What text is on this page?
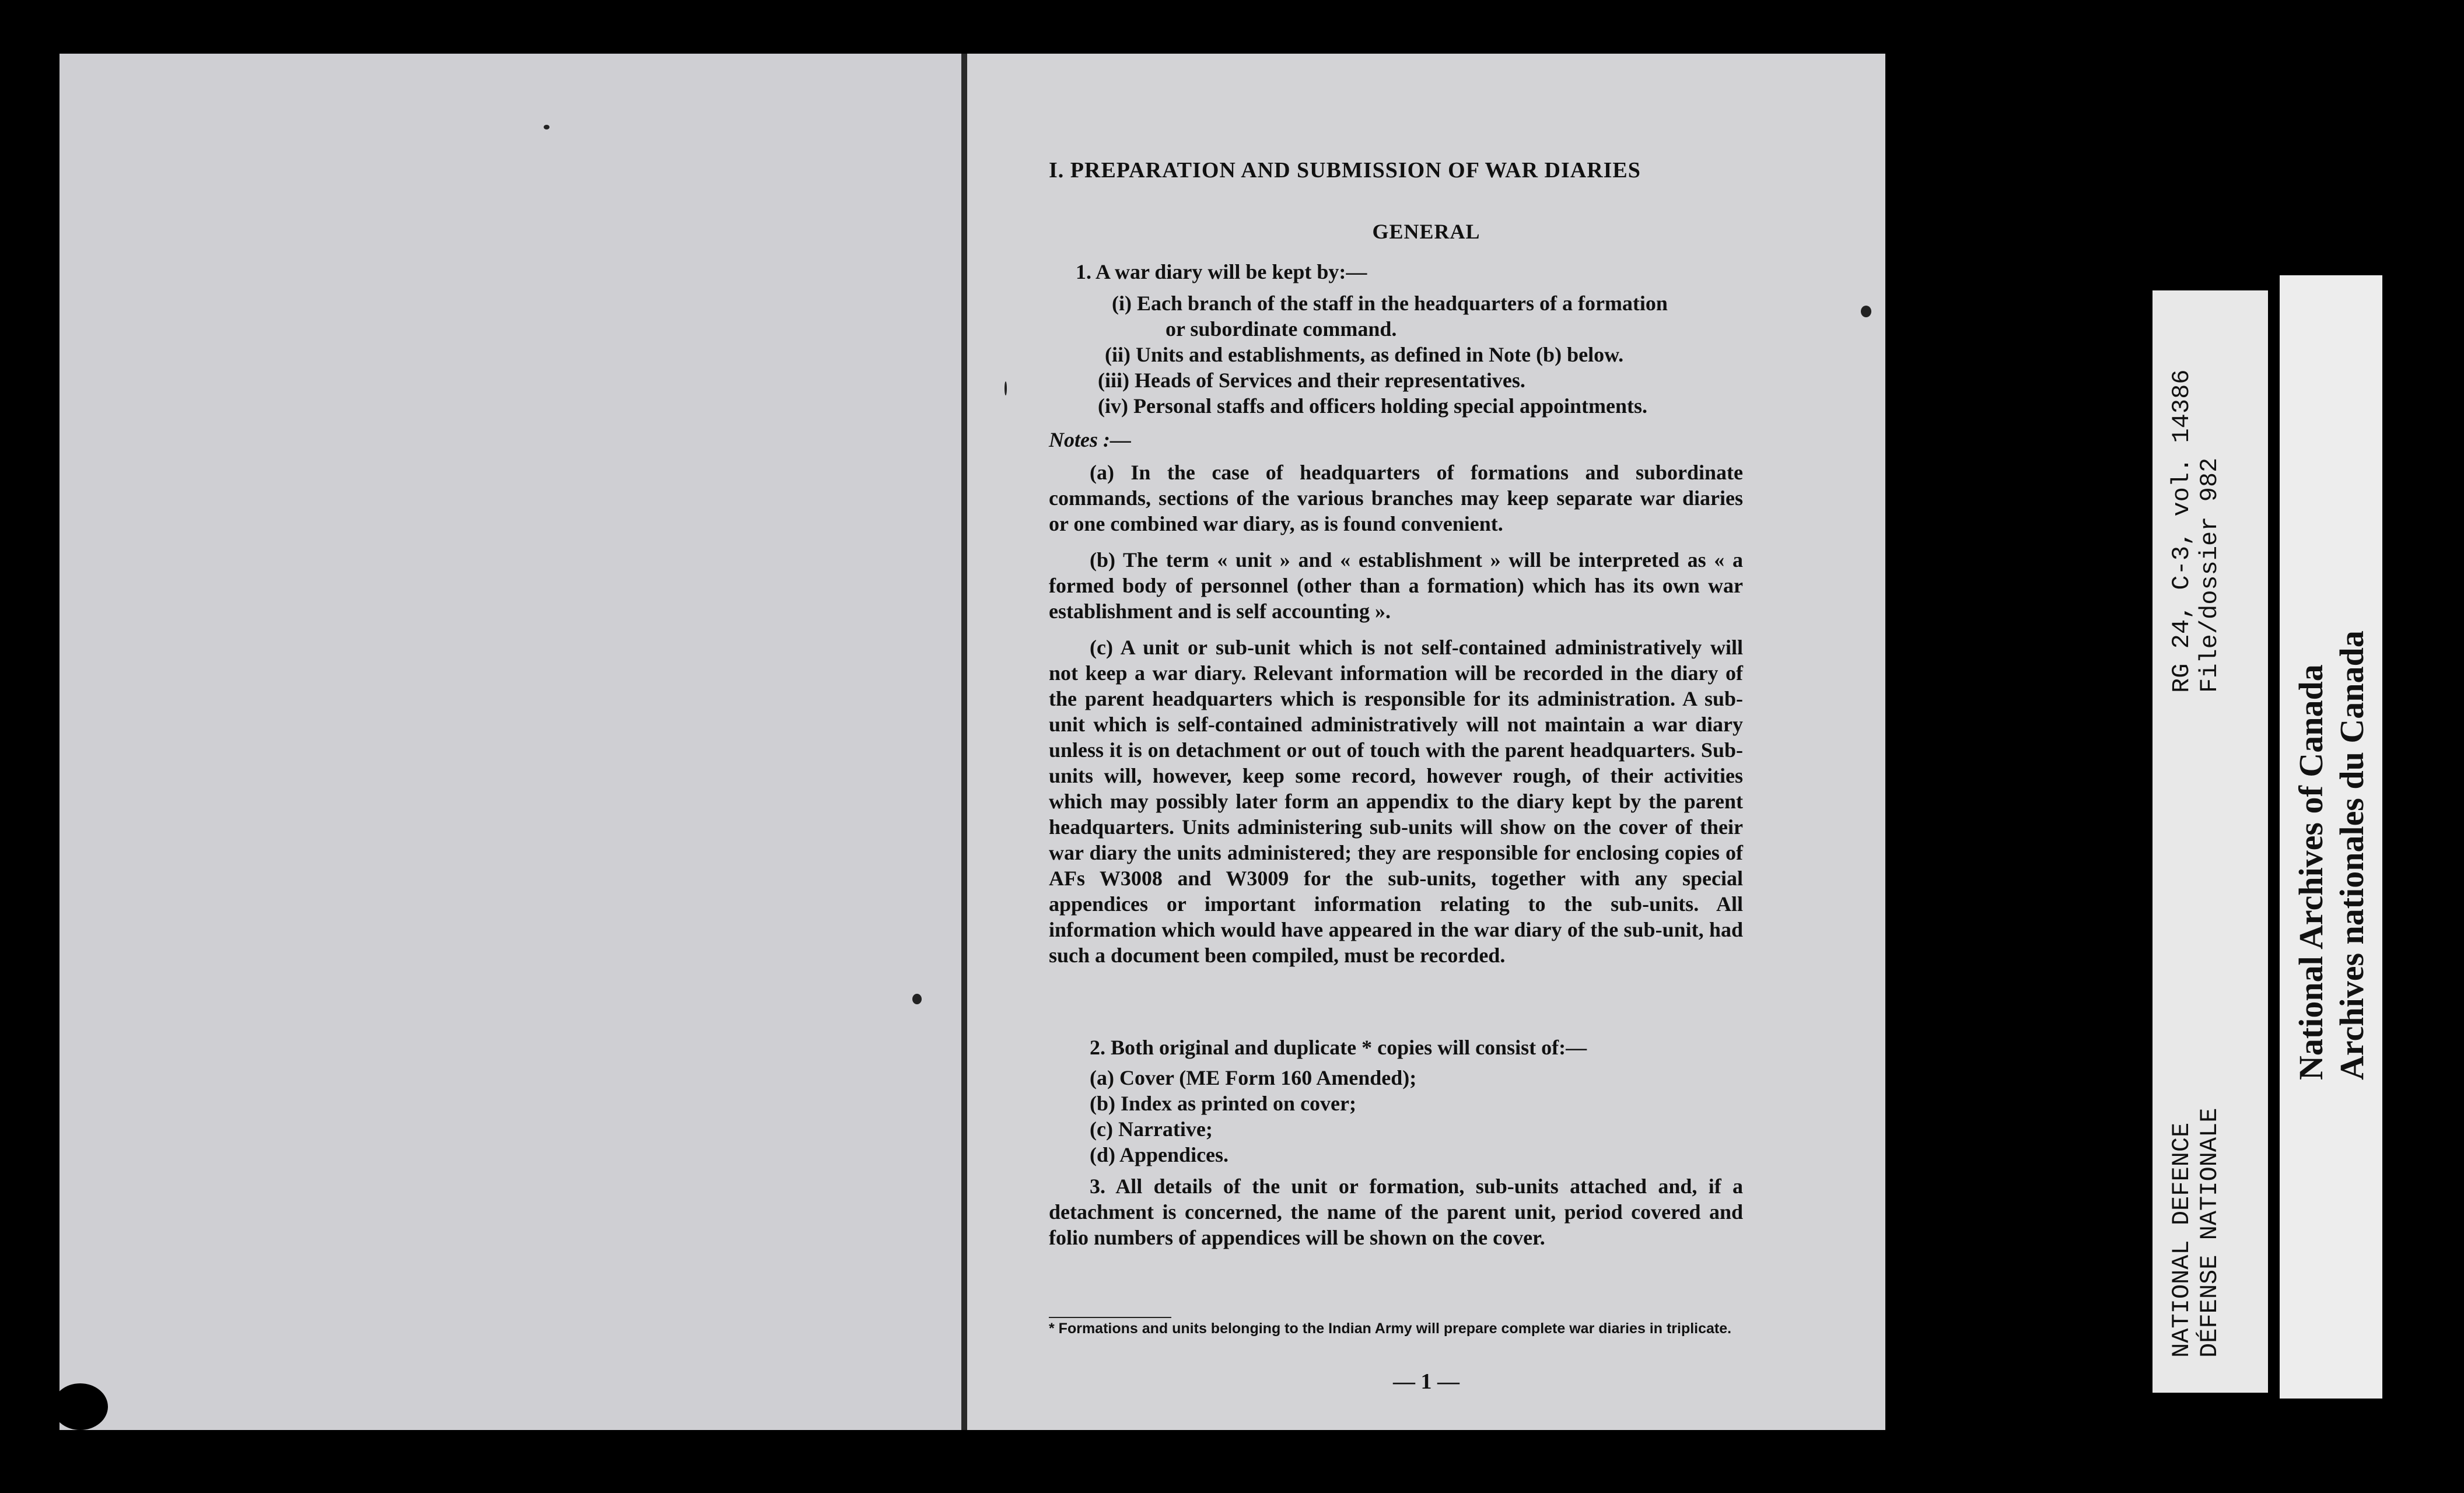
I. PREPARATION AND SUBMISSION OF WAR DIARIES
GENERAL
1. A war diary will be kept by:—
(i) Each branch of the staff in the headquarters of a formation
or subordinate command.
(ii) Units and establishments, as defined in Note (b) below.
(iii) Heads of Services and their representatives.
(iv) Personal staffs and officers holding special appointments.
Notes :—
(a) In the case of headquarters of formations and subordinate commands, sections of the various branches may keep separate war diaries or one combined war diary, as is found convenient.
(b) The term « unit » and « establishment » will be interpreted as « a formed body of personnel (other than a formation) which has its own war establishment and is self accounting ».
(c) A unit or sub-unit which is not self-contained administratively will not keep a war diary. Relevant information will be recorded in the diary of the parent headquarters which is responsible for its administration. A sub-unit which is self-contained administratively will not maintain a war diary unless it is on detachment or out of touch with the parent headquarters. Sub-units will, however, keep some record, however rough, of their activities which may possibly later form an appendix to the diary kept by the parent headquarters. Units administering sub-units will show on the cover of their war diary the units administered; they are responsible for enclosing copies of AFs W3008 and W3009 for the sub-units, together with any special appendices or important information relating to the sub-units. All information which would have appeared in the war diary of the sub-unit, had such a document been compiled, must be recorded.
2. Both original and duplicate * copies will consist of:—
(a) Cover (ME Form 160 Amended);
(b) Index as printed on cover;
(c) Narrative;
(d) Appendices.
3. All details of the unit or formation, sub-units attached and, if a detachment is concerned, the name of the parent unit, period covered and folio numbers of appendices will be shown on the cover.
* Formations and units belonging to the Indian Army will prepare complete war diaries in triplicate.
— 1 —
NATIONAL DEFENCE DÉFENSE NATIONALE
RG 24, C-3, vol. 14386 File/dossier 982
National Archives of Canada Archives nationales du Canada
